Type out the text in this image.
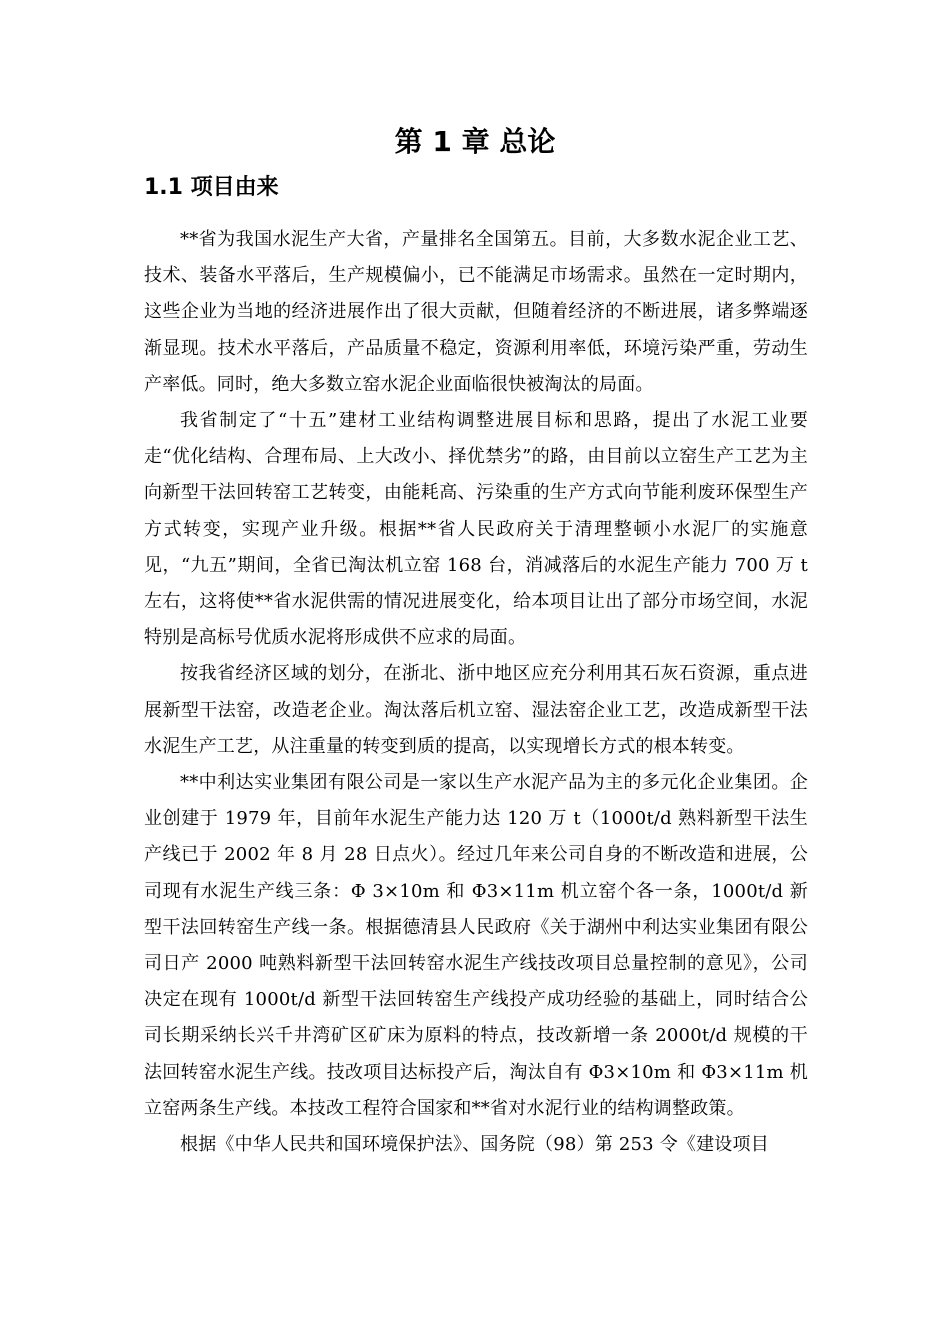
第 1 章 总论
1.1 项目由来

**省为我国水泥生产大省，产量排名全国第五。目前，大多数水泥企业工艺、技术、装备水平落后，生产规模偏小，已不能满足市场需求。虽然在一定时期内，这些企业为当地的经济进展作出了很大贡献，但随着经济的不断进展，诸多弊端逐渐显现。技术水平落后，产品质量不稳定，资源利用率低，环境污染严重，劳动生产率低。同时，绝大多数立窑水泥企业面临很快被淘汰的局面。

我省制定了“十五”建材工业结构调整进展目标和思路，提出了水泥工业要走“优化结构、合理布局、上大改小、择优禁劣”的路，由目前以立窑生产工艺为主向新型干法回转窑工艺转变，由能耗高、污染重的生产方式向节能利废环保型生产方式转变，实现产业升级。根据**省人民政府关于清理整顿小水泥厂的实施意见，“九五”期间，全省已淘汰机立窑 168 台，消减落后的水泥生产能力 700 万 t 左右，这将使**省水泥供需的情况进展变化，给本项目让出了部分市场空间，水泥特别是高标号优质水泥将形成供不应求的局面。

按我省经济区域的划分，在浙北、浙中地区应充分利用其石灰石资源，重点进展新型干法窑，改造老企业。淘汰落后机立窑、湿法窑企业工艺，改造成新型干法水泥生产工艺，从注重量的转变到质的提高，以实现增长方式的根本转变。

**中利达实业集团有限公司是一家以生产水泥产品为主的多元化企业集团。企业创建于 1979 年，目前年水泥生产能力达 120 万 t（1000t/d 熟料新型干法生产线已于 2002 年 8 月 28 日点火）。经过几年来公司自身的不断改造和进展，公司现有水泥生产线三条：Φ 3×10m 和 Φ3×11m 机立窑个各一条，1000t/d 新型干法回转窑生产线一条。根据德清县人民政府《关于湖州中利达实业集团有限公司日产 2000 吨熟料新型干法回转窑水泥生产线技改项目总量控制的意见》，公司决定在现有 1000t/d 新型干法回转窑生产线投产成功经验的基础上，同时结合公司长期采纳长兴千井湾矿区矿床为原料的特点，技改新增一条 2000t/d 规模的干法回转窑水泥生产线。技改项目达标投产后，淘汰自有 Φ3×10m 和 Φ3×11m 机立窑两条生产线。本技改工程符合国家和**省对水泥行业的结构调整政策。

根据《中华人民共和国环境保护法》、国务院（98）第 253 令《建设项目
